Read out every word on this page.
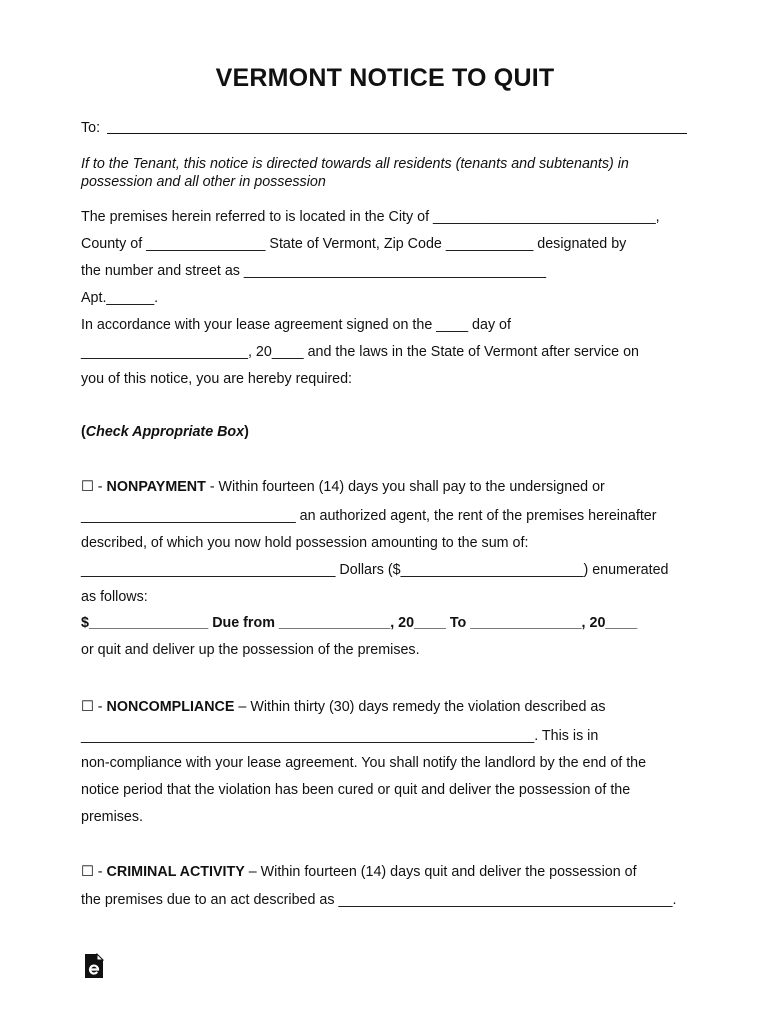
VERMONT NOTICE TO QUIT
To:
If to the Tenant, this notice is directed towards all residents (tenants and subtenants) in
possession and all other in possession
The premises herein referred to is located in the City of ____________________________,
County of _______________ State of Vermont, Zip Code ___________ designated by
the number and street as ______________________________________
Apt.______.
In accordance with your lease agreement signed on the ____ day of
_____________________, 20____ and the laws in the State of Vermont after service on
you of this notice, you are hereby required:
(Check Appropriate Box)
☐ - NONPAYMENT - Within fourteen (14) days you shall pay to the undersigned or
___________________________ an authorized agent, the rent of the premises hereinafter
described, of which you now hold possession amounting to the sum of:
________________________________ Dollars ($_______________________) enumerated
as follows:
$_______________ Due from ______________, 20____ To ______________, 20____
or quit and deliver up the possession of the premises.
☐ - NONCOMPLIANCE – Within thirty (30) days remedy the violation described as
_________________________________________________________. This is in
non-compliance with your lease agreement. You shall notify the landlord by the end of the
notice period that the violation has been cured or quit and deliver the possession of the
premises.
☐ - CRIMINAL ACTIVITY – Within fourteen (14) days quit and deliver the possession of
the premises due to an act described as __________________________________________.
